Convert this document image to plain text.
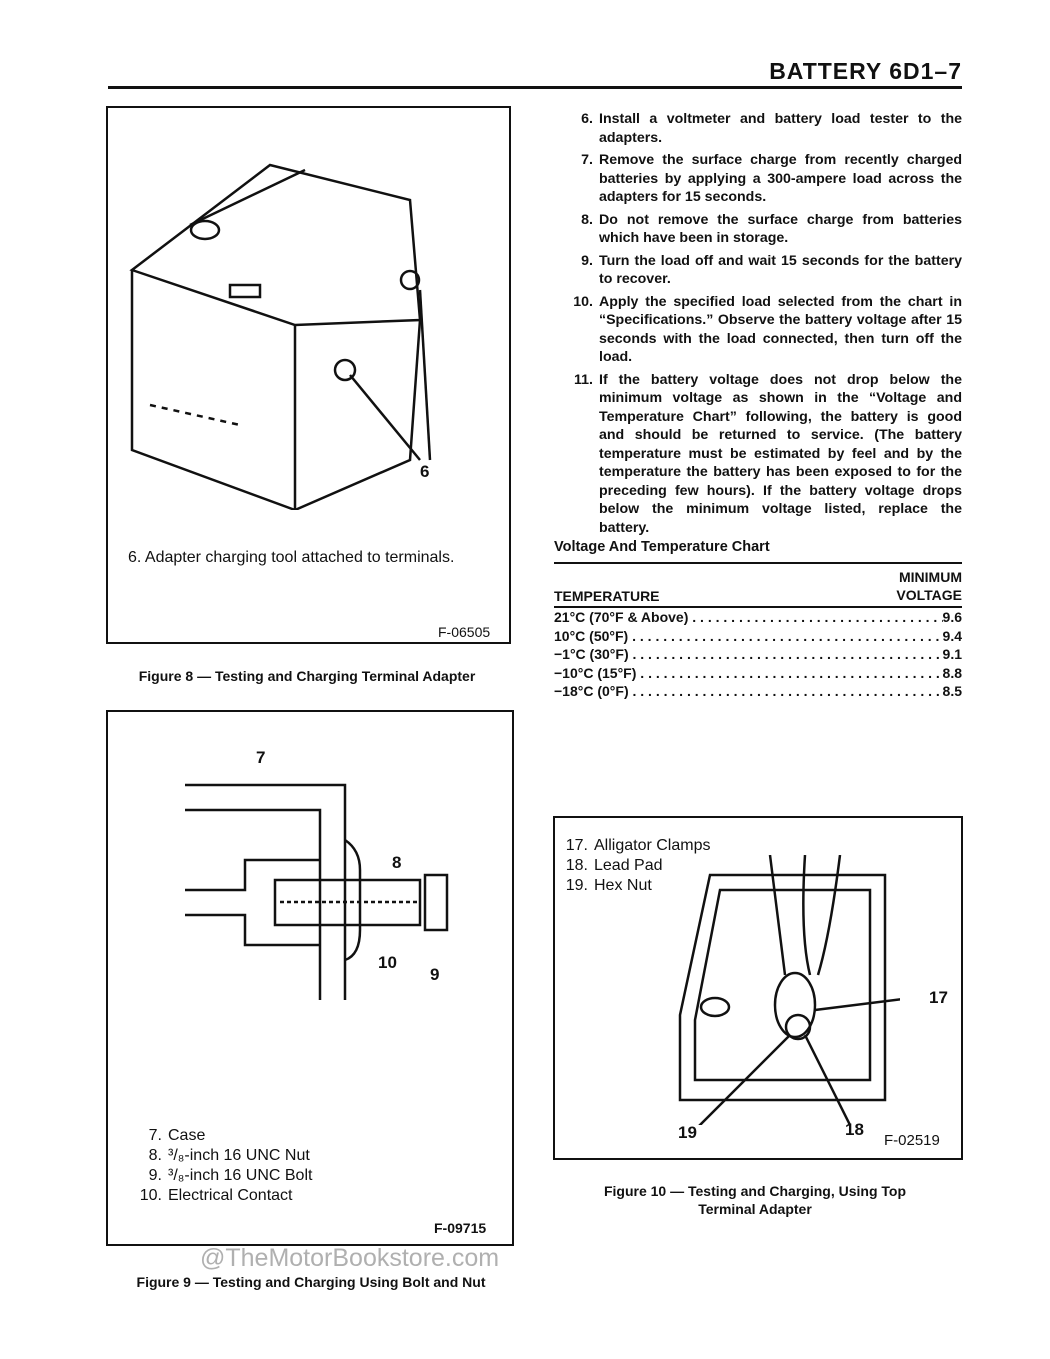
BATTERY 6D1–7
6
6. Adapter charging tool attached to terminals.
F-06505
Figure 8 — Testing and Charging Terminal Adapter
7
8
10
9
7. Case
8. ³/₈-inch 16 UNC Nut
9. ³/₈-inch 16 UNC Bolt
10. Electrical Contact
F-09715
Figure 9 — Testing and Charging Using Bolt and Nut
6. Install a voltmeter and battery load tester to the adapters.
7. Remove the surface charge from recently charged batteries by applying a 300-ampere load across the adapters for 15 seconds.
8. Do not remove the surface charge from batteries which have been in storage.
9. Turn the load off and wait 15 seconds for the battery to recover.
10. Apply the specified load selected from the chart in “Specifications.” Observe the battery voltage after 15 seconds with the load connected, then turn off the load.
11. If the battery voltage does not drop below the minimum voltage as shown in the “Voltage and Temperature Chart” following, the battery is good and should be returned to service. (The battery temperature must be estimated by feel and by the temperature the battery has been exposed to for the preceding few hours). If the battery voltage drops below the minimum voltage listed, replace the battery.
Voltage And Temperature Chart
TEMPERATURE
MINIMUM
VOLTAGE
21°C (70°F & Above) . . .	9.6
10°C (50°F) . . .	9.4
−1°C (30°F) . . .	9.1
−10°C (15°F) . . .	8.8
−18°C (0°F) . . .	8.5
17. Alligator Clamps
18. Lead Pad
19. Hex Nut
17
19	18
F-02519
Figure 10 — Testing and Charging, Using Top Terminal Adapter
@TheMotorBookstore.com
